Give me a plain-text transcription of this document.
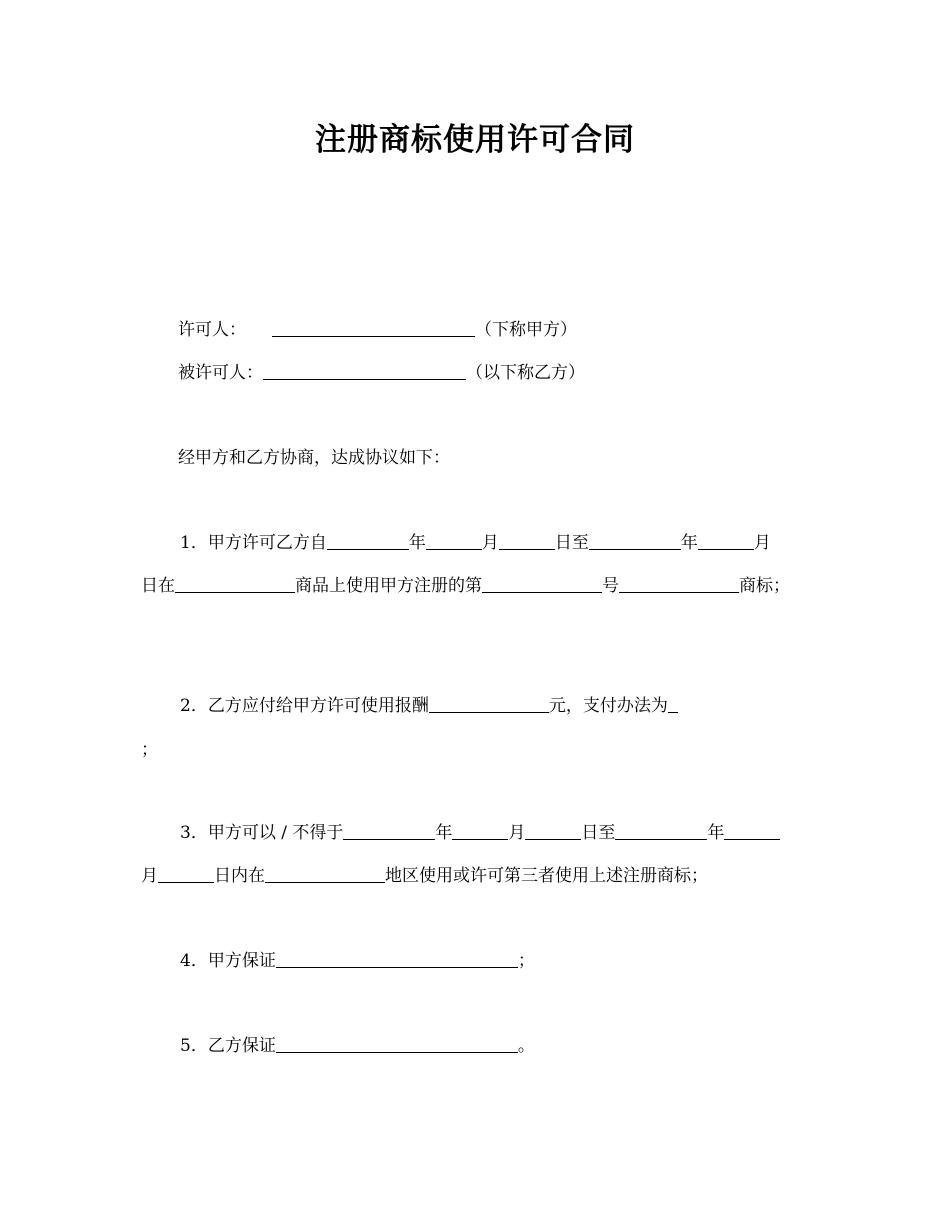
注册商标使用许可合同
许可人：	（下称甲方）
被许可人：	（以下称乙方）
经甲方和乙方协商，达成协议如下：
1．甲方许可乙方自	年	月	日至	年	月
日在	商品上使用甲方注册的第	号	商标；
2．乙方应付给甲方许可使用报酬	元，支付办法为
；
3．甲方可以 / 不得于	年	月	日至	年
月	日内在	地区使用或许可第三者使用上述注册商标；
4．甲方保证	；
5．乙方保证	。
